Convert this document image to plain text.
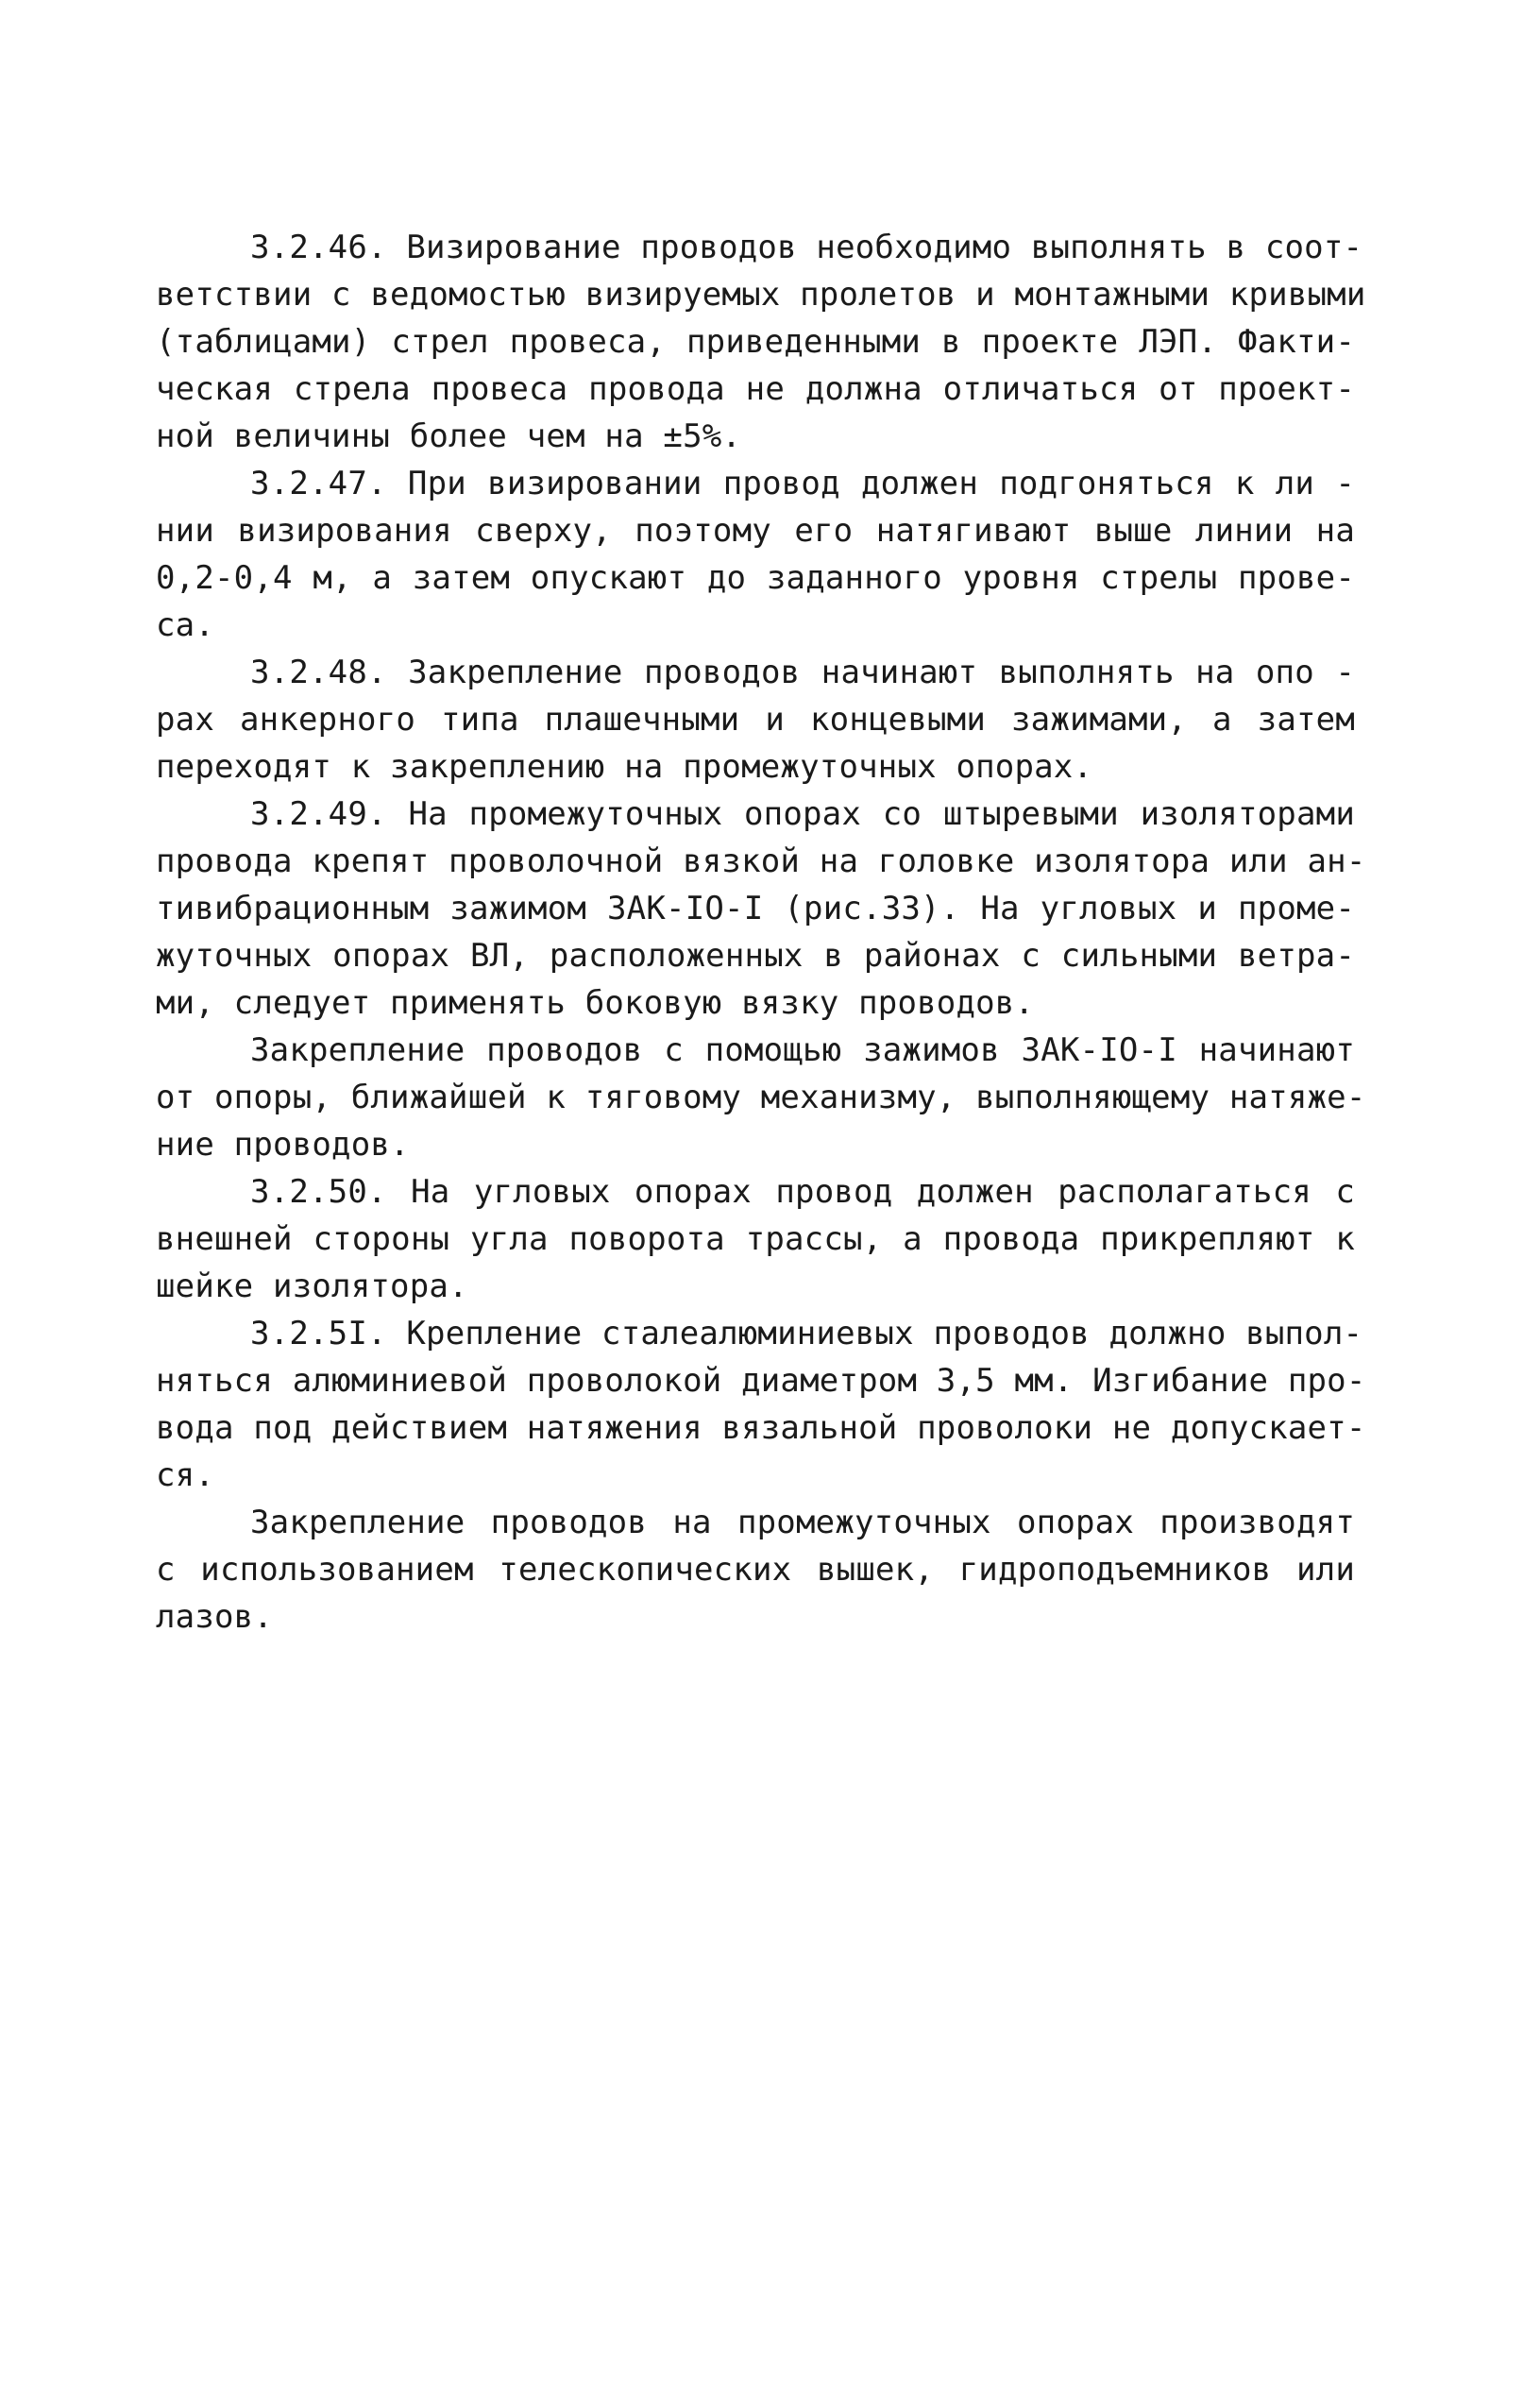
3.2.46. Визирование проводов необходимо выполнять в соот-
ветствии с ведомостью визируемых пролетов и монтажными кривыми
(таблицами) стрел провеса, приведенными в проекте ЛЭП. Факти-
ческая стрела провеса провода не должна отличаться от проект-
ной величины более чем на ±5%.
3.2.47. При визировании провод должен подгоняться к ли -
нии визирования сверху, поэтому его натягивают выше линии на
0,2-0,4 м, а затем опускают до заданного уровня стрелы прове-
са.
3.2.48. Закрепление проводов начинают выполнять на опо -
рах анкерного типа плашечными и концевыми зажимами, а затем
переходят к закреплению на промежуточных опорах.
3.2.49. На промежуточных опорах со штыревыми изоляторами
провода крепят проволочной вязкой на головке изолятора или ан-
тивибрационным зажимом ЗАК-IO-I (рис.33). На угловых и проме-
жуточных опорах ВЛ, расположенных в районах с сильными ветра-
ми, следует применять боковую вязку проводов.
Закрепление проводов с помощью зажимов ЗАК-IO-I начинают
от опоры, ближайшей к тяговому механизму, выполняющему натяже-
ние проводов.
3.2.50. На угловых опорах провод должен располагаться с
внешней стороны угла поворота трассы, а провода прикрепляют к
шейке изолятора.
3.2.5I. Крепление сталеалюминиевых проводов должно выпол-
няться алюминиевой проволокой диаметром 3,5 мм. Изгибание про-
вода под действием натяжения вязальной проволоки не допускает-
ся.
Закрепление проводов на промежуточных опорах производят
с использованием телескопических вышек, гидроподъемников или
лазов.
